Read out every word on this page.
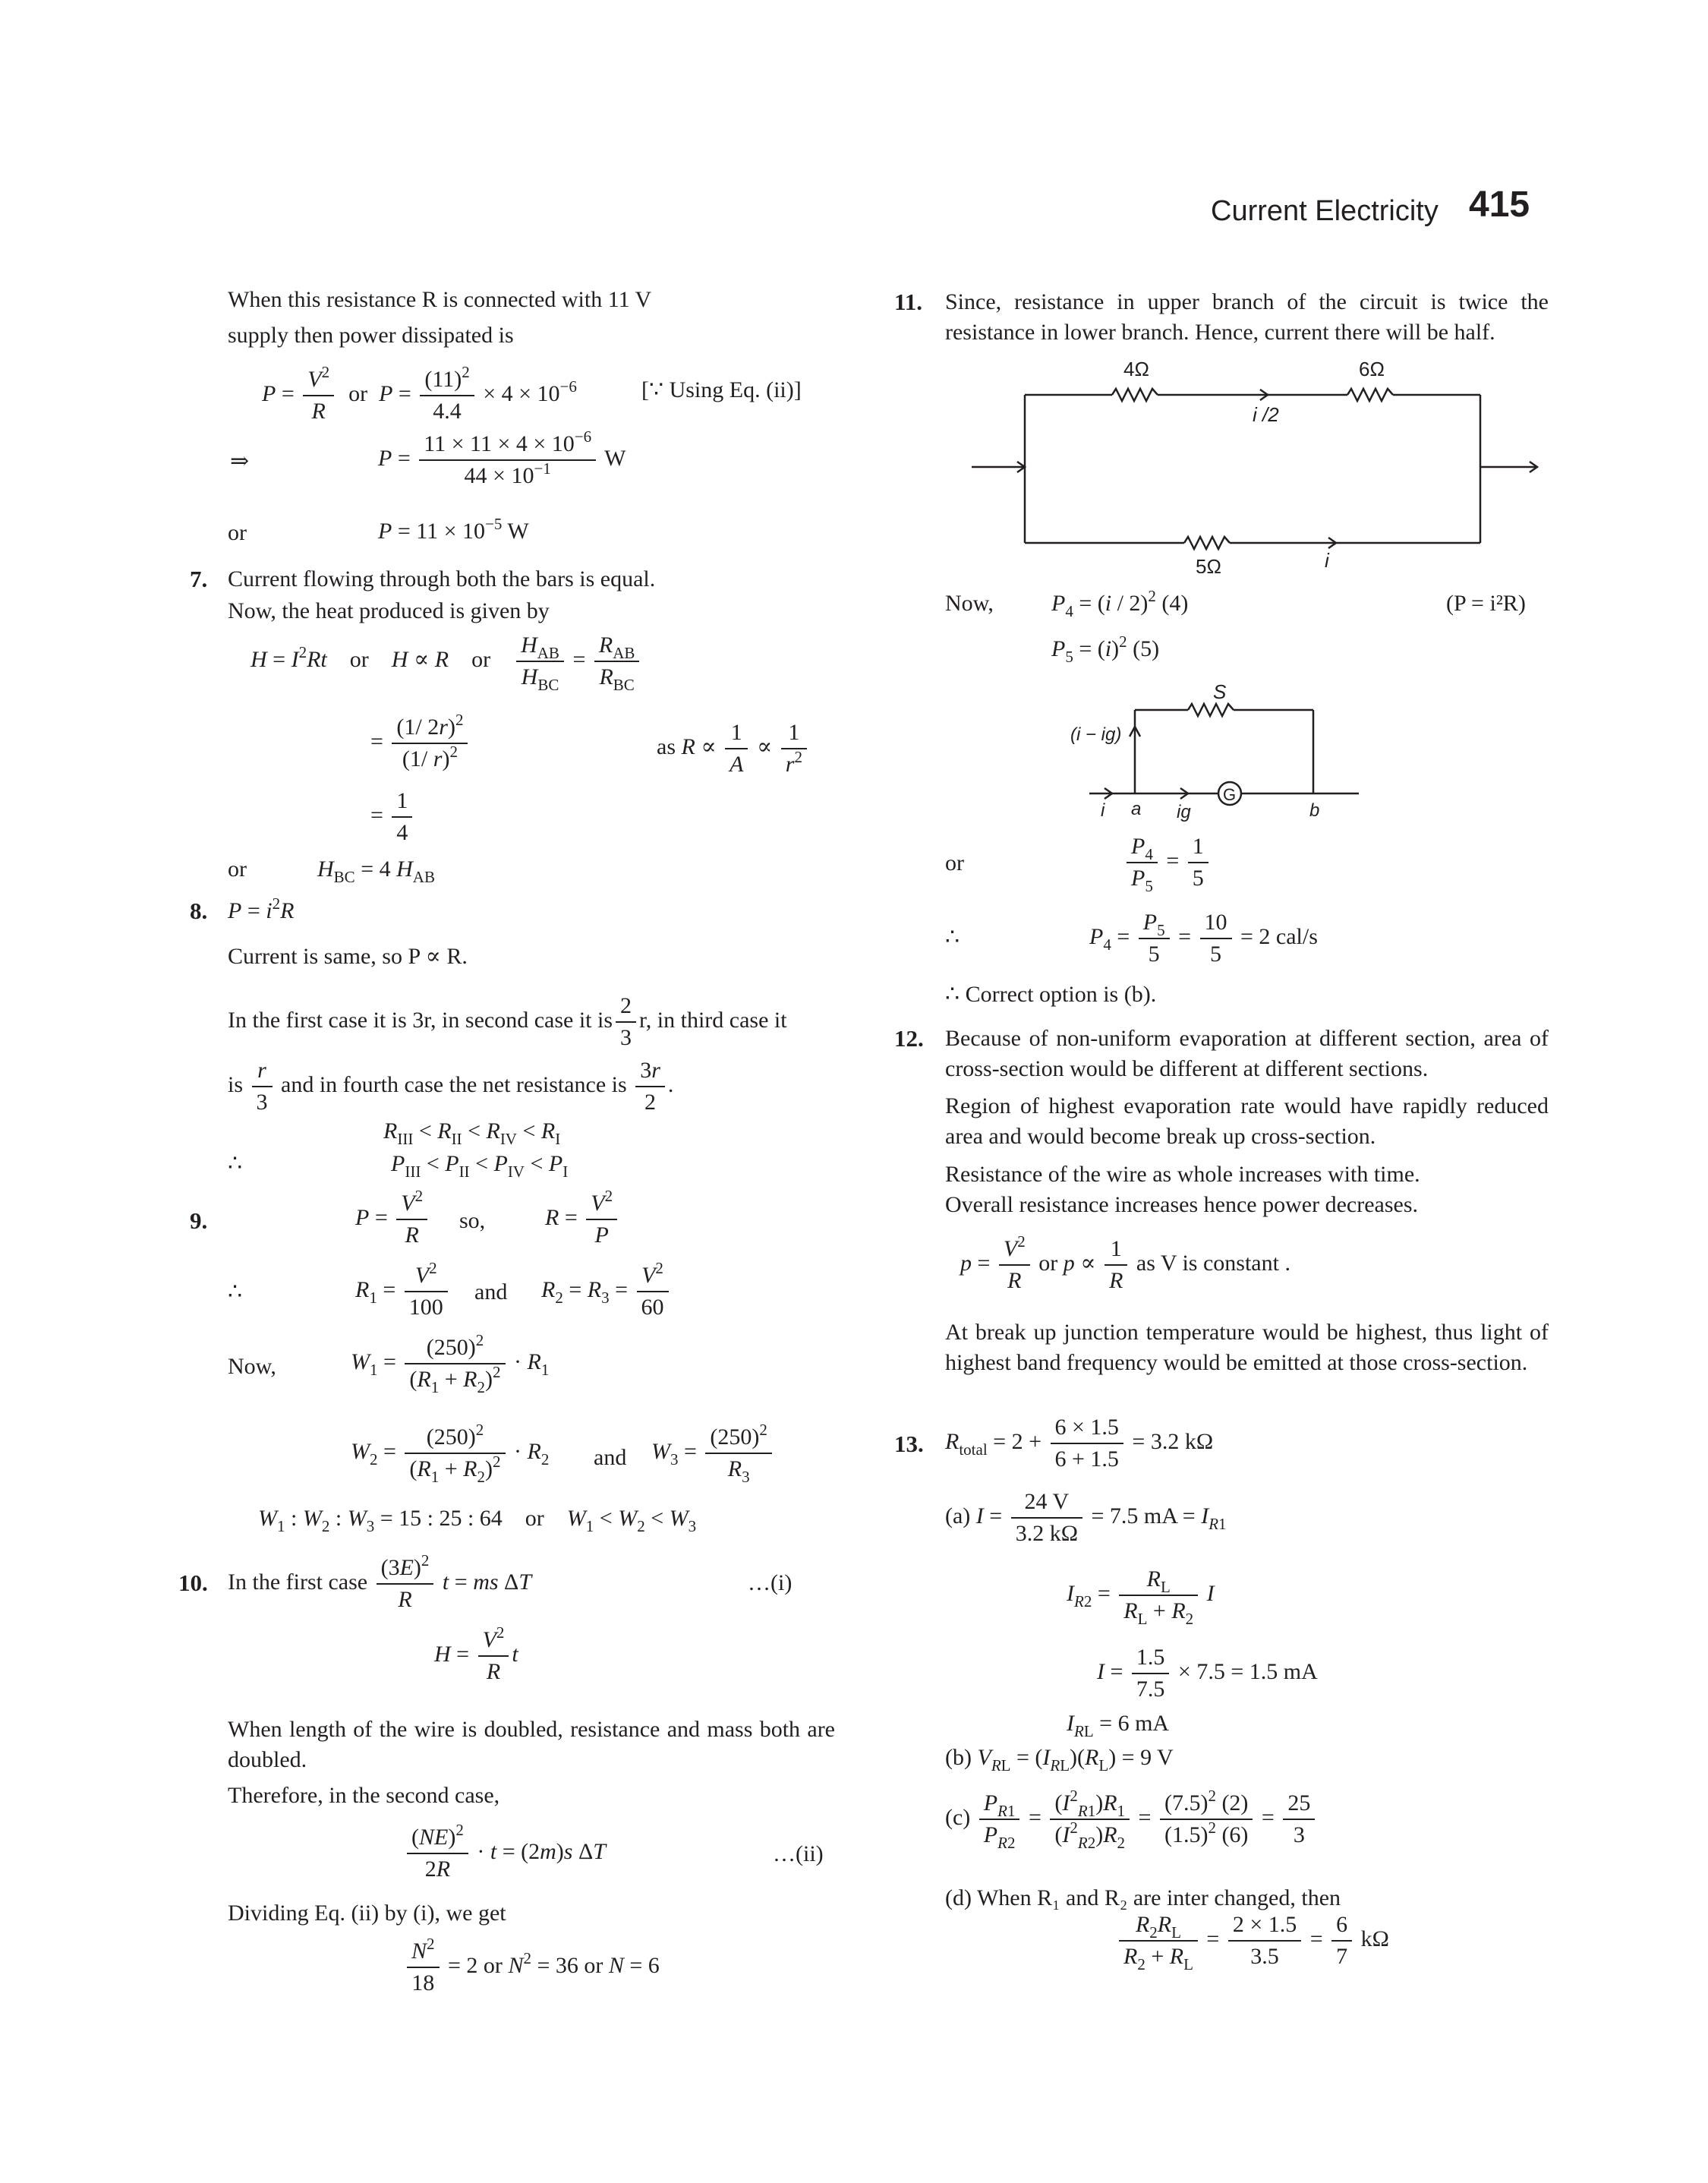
Current Electricity 415
When this resistance R is connected with 11 V
supply then power dissipated is
$P = \frac{V^2}{R}$ or  $P = \frac{(11)^2}{4.4} \times 4 \times 10^{-6}$	[∵ Using Eq. (ii)]
⇒	$P = \frac{11 \times 11 \times 4 \times 10^{-6}}{44 \times 10^{-1}}$ W
or	$P = 11 \times 10^{-5}$ W
7. Current flowing through both the bars is equal.
Now, the heat produced is given by
$H = I^2Rt$    or    H ∝ R    or $\frac{H_{AB}}{H_{BC}} = \frac{R_{AB}}{R_{BC}}$
= $\frac{(1/ 2r)^2}{(1/ r)^2}$	as $R \propto \frac{1}{A} \propto \frac{1}{r^2}$
= $\frac{1}{4}$
or	$H_{BC} = 4$ $H_{AB}$
8. $P = i^2R$
Current is same, so P ∝ R.
In the first case it is 3r, in second case it is $\frac{2}{3} r$, in third case it
is $\frac{r}{3}$ and in fourth case the net resistance is $\frac{3r}{2}$ .
$R_{III} < R_{II} < R_{IV} < R_I$
∴	$P_{III} < P_{II} < P_{IV} < P_I$
9.	$P = \frac{V^2}{R}$ so,	$R = \frac{V^2}{P}$
∴	$R_1 = \frac{V^2}{100}$ and $R_2 = R_3 = \frac{V^2}{60}$
Now,	$W_1 = \frac{(250)^2}{(R_1 + R_2)^2} \cdot R_1$
$W_2 = \frac{(250)^2}{(R_1 + R_2)^2} \cdot R_2$ and $W_3 = \frac{(250)^2}{R_3}$
$W_1$ : $W_2$ : $W_3 = 15$ : 25 : 64    or    $W_1 < W_2 < W_3$
10. In the first case $\frac{(3E)^2}{R}$ t = ms ΔT	…(i)
$H = \frac{V^2}{R}$ t
When length of the wire is doubled, resistance and mass both are doubled.
Therefore, in the second case,
$\frac{(NE)^2}{2R} \cdot t = (2m)s$ ΔT	…(ii)
Dividing Eq. (ii) by (i), we get
$\frac{N^2}{18} = 2$ or $N^2 = 36$ or N = 6
11. Since, resistance in upper branch of the circuit is twice the resistance in lower branch. Hence, current there will be half.
4Ω	6Ω
i /2
5Ω	i
Now,	$P_4 = (i / 2)^2$ (4)	(P = i²R)
$P_5 = (i)^2$ (5)
S
(i − ig)
i a ig
G
b
or	$\frac{P_4}{P_5} = \frac{1}{5}$
∴	$P_4 = \frac{P_5}{5} = \frac{10}{5} = 2$ cal/s
∴ Correct option is (b).
12. Because of non-uniform evaporation at different section, area of cross-section would be different at different sections.
Region of highest evaporation rate would have rapidly reduced area and would become break up cross-section.
Resistance of the wire as whole increases with time.
Overall resistance increases hence power decreases.
$p = \frac{V^2}{R}$ or $p \propto \frac{1}{R}$ as V is constant .
At break up junction temperature would be highest, thus light of highest band frequency would be emitted at those cross-section.
13. $R_{total} = 2 + \frac{6 \times 1.5}{6 + 1.5} = 3.2$ kΩ
(a) $I = \frac{24 V}{3.2 k\Omega} = 7.5$ mA = $I_{R1}$
$I_{R2} = \frac{R_L}{R_L + R_2}$ I
$I = \frac{1.5}{7.5} \times 7.5 = 1.5$ mA
$I_{RL} = 6$ mA
(b) $V_{RL} = (I_{RL})(R_L) = 9$ V
$(c) \frac{P_{R1}}{P_{R2}} = \frac{(I^2_{R1})R_1}{(I^2_{R2})R_2} = \frac{(7.5)^2 (2)}{(1.5)^2 (6)} = \frac{25}{3}$
(d) When R₁ and R₂ are inter changed, then
$\frac{R_2R_L}{R_2 + R_L} = \frac{2 \times 1.5}{3.5} = \frac{6}{7}$ kΩ
